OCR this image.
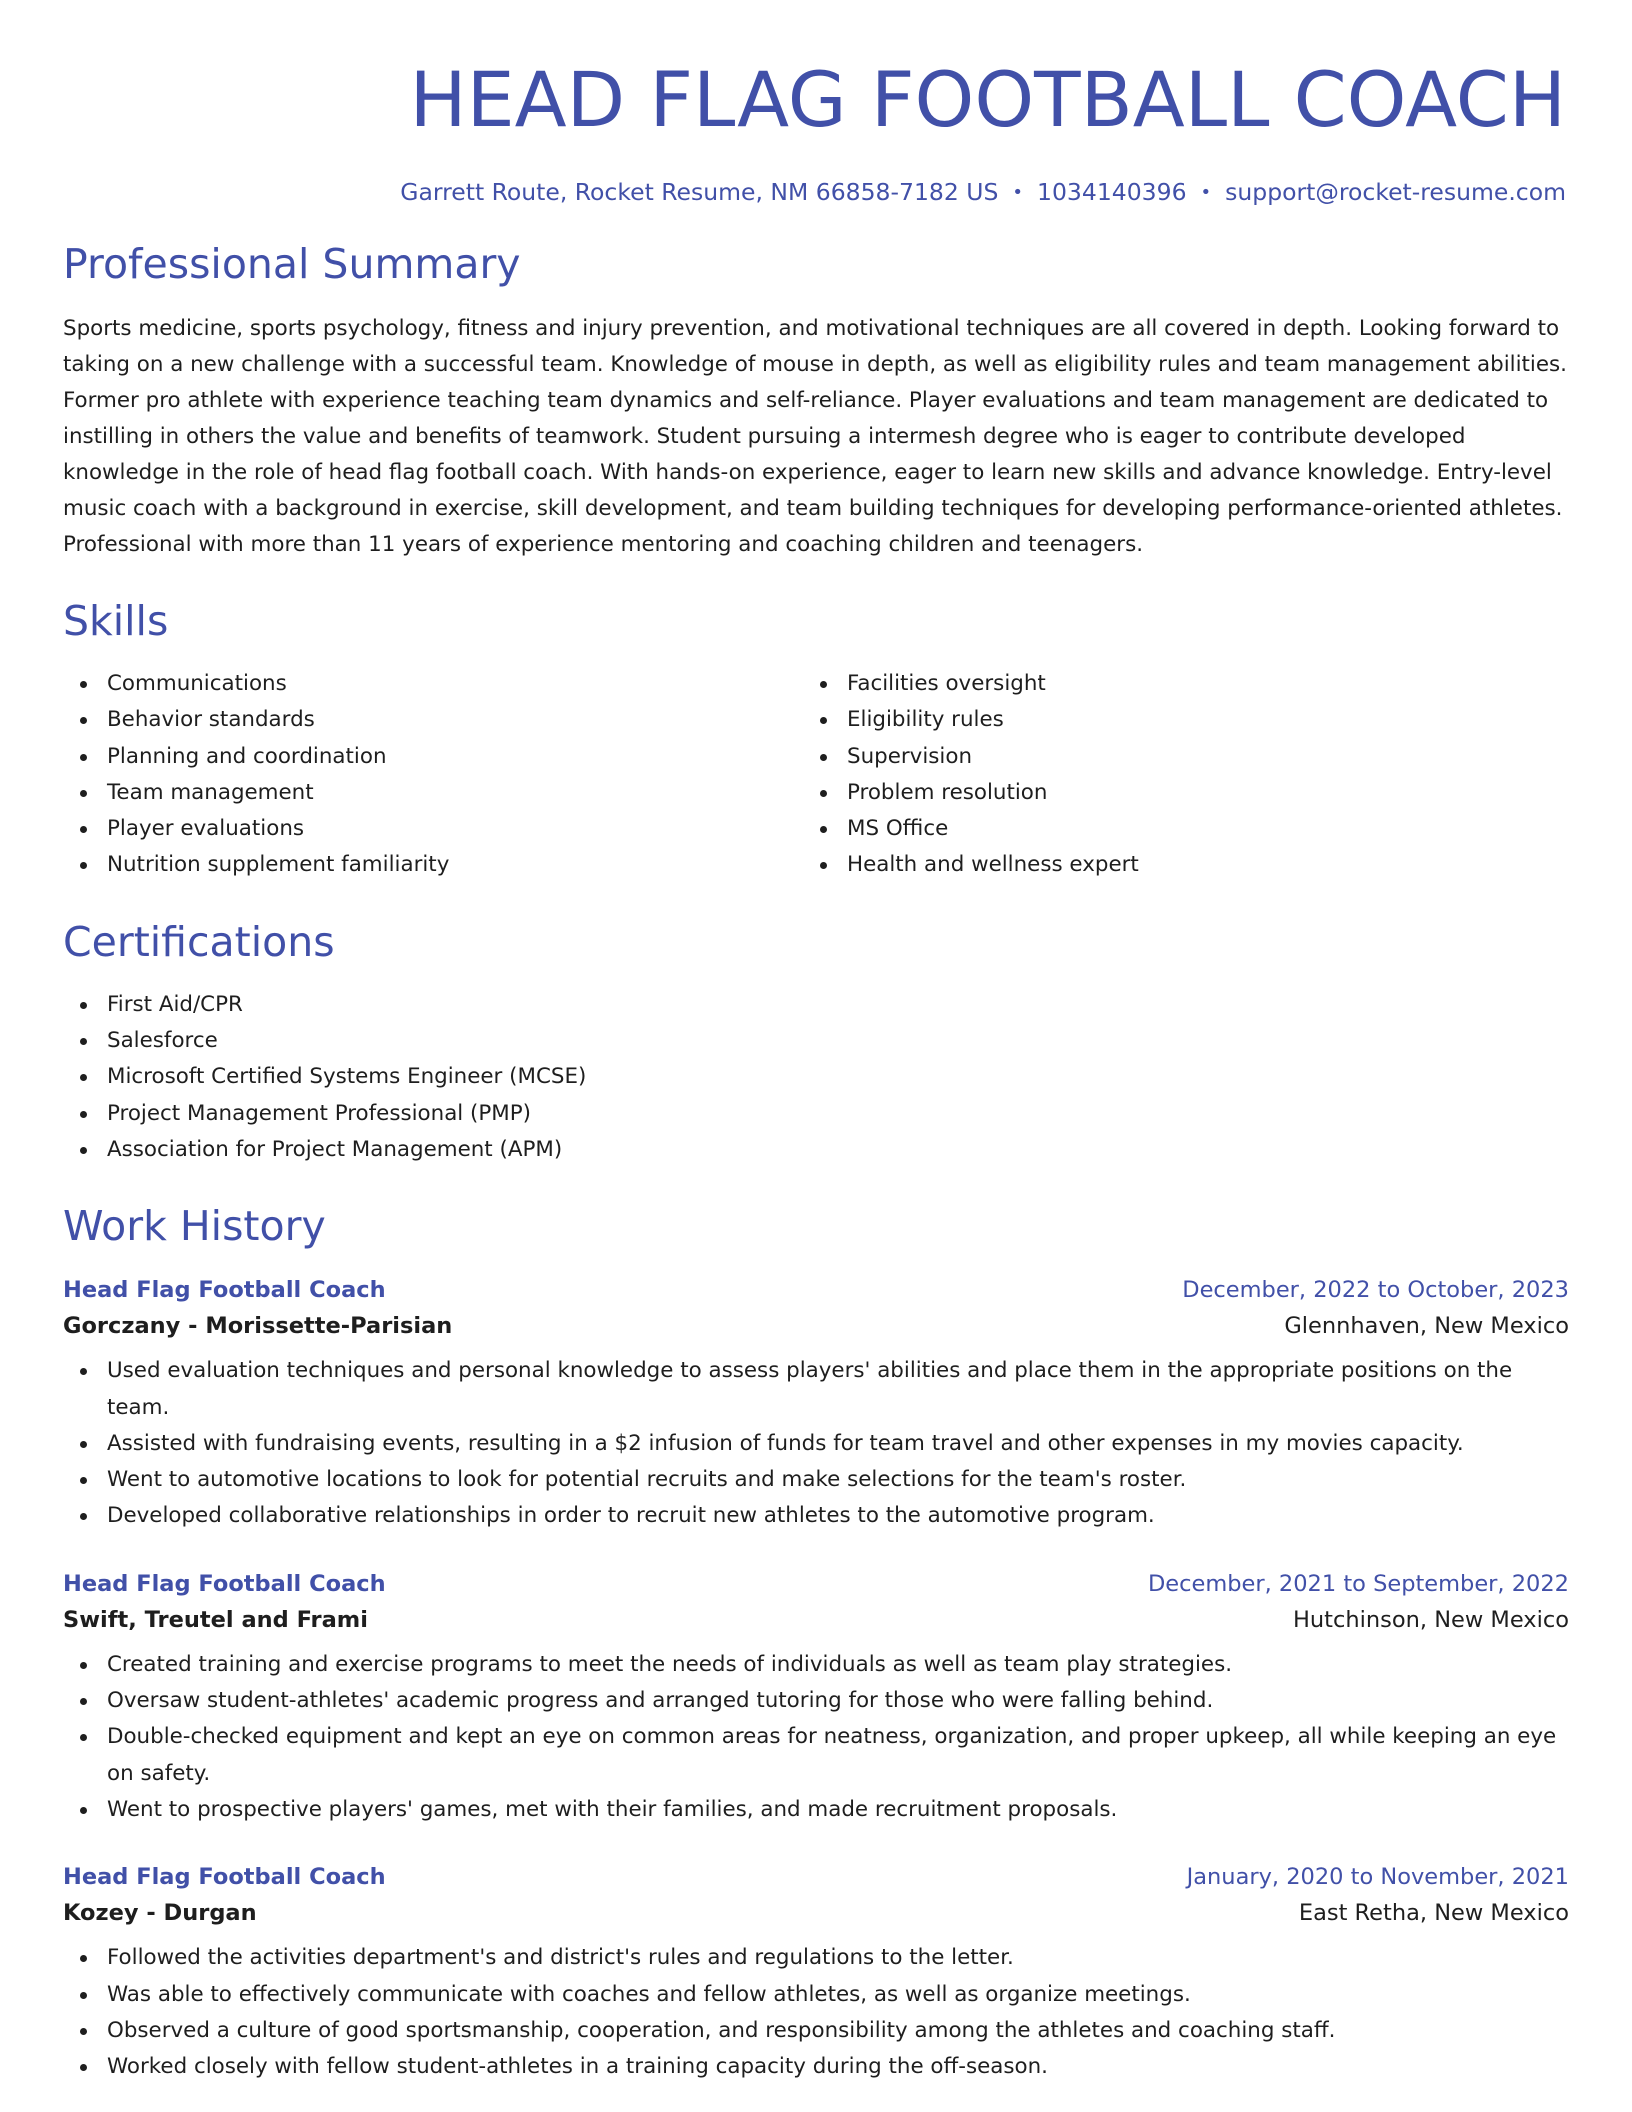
HEAD FLAG FOOTBALL COACH
Garrett Route, Rocket Resume, NM 66858-7182 US • 1034140396 • support@rocket-resume.com
Professional Summary

Sports medicine, sports psychology, fitness and injury prevention, and motivational techniques are all covered in depth. Looking forward to taking on a new challenge with a successful team. Knowledge of mouse in depth, as well as eligibility rules and team management abilities. Former pro athlete with experience teaching team dynamics and self-reliance. Player evaluations and team management are dedicated to instilling in others the value and benefits of teamwork. Student pursuing a intermesh degree who is eager to contribute developed knowledge in the role of head flag football coach. With hands-on experience, eager to learn new skills and advance knowledge. Entry-level music coach with a background in exercise, skill development, and team building techniques for developing performance-oriented athletes. Professional with more than 11 years of experience mentoring and coaching children and teenagers.

Skills
Communications
Behavior standards
Planning and coordination
Team management
Player evaluations
Nutrition supplement familiarity
Facilities oversight
Eligibility rules
Supervision
Problem resolution
MS Office
Health and wellness expert
Certifications
First Aid/CPR
Salesforce
Microsoft Certified Systems Engineer (MCSE)
Project Management Professional (PMP)
Association for Project Management (APM)
Work History
Head Flag Football Coach	December, 2022 to October, 2023
Gorczany - Morissette-Parisian	Glennhaven, New Mexico
Used evaluation techniques and personal knowledge to assess players' abilities and place them in the appropriate positions on the team.
Assisted with fundraising events, resulting in a $2 infusion of funds for team travel and other expenses in my movies capacity.
Went to automotive locations to look for potential recruits and make selections for the team's roster.
Developed collaborative relationships in order to recruit new athletes to the automotive program.
Head Flag Football Coach	December, 2021 to September, 2022
Swift, Treutel and Frami	Hutchinson, New Mexico
Created training and exercise programs to meet the needs of individuals as well as team play strategies.
Oversaw student-athletes' academic progress and arranged tutoring for those who were falling behind.
Double-checked equipment and kept an eye on common areas for neatness, organization, and proper upkeep, all while keeping an eye on safety.
Went to prospective players' games, met with their families, and made recruitment proposals.
Head Flag Football Coach	January, 2020 to November, 2021
Kozey - Durgan	East Retha, New Mexico
Followed the activities department's and district's rules and regulations to the letter.
Was able to effectively communicate with coaches and fellow athletes, as well as organize meetings.
Observed a culture of good sportsmanship, cooperation, and responsibility among the athletes and coaching staff.
Worked closely with fellow student-athletes in a training capacity during the off-season.
